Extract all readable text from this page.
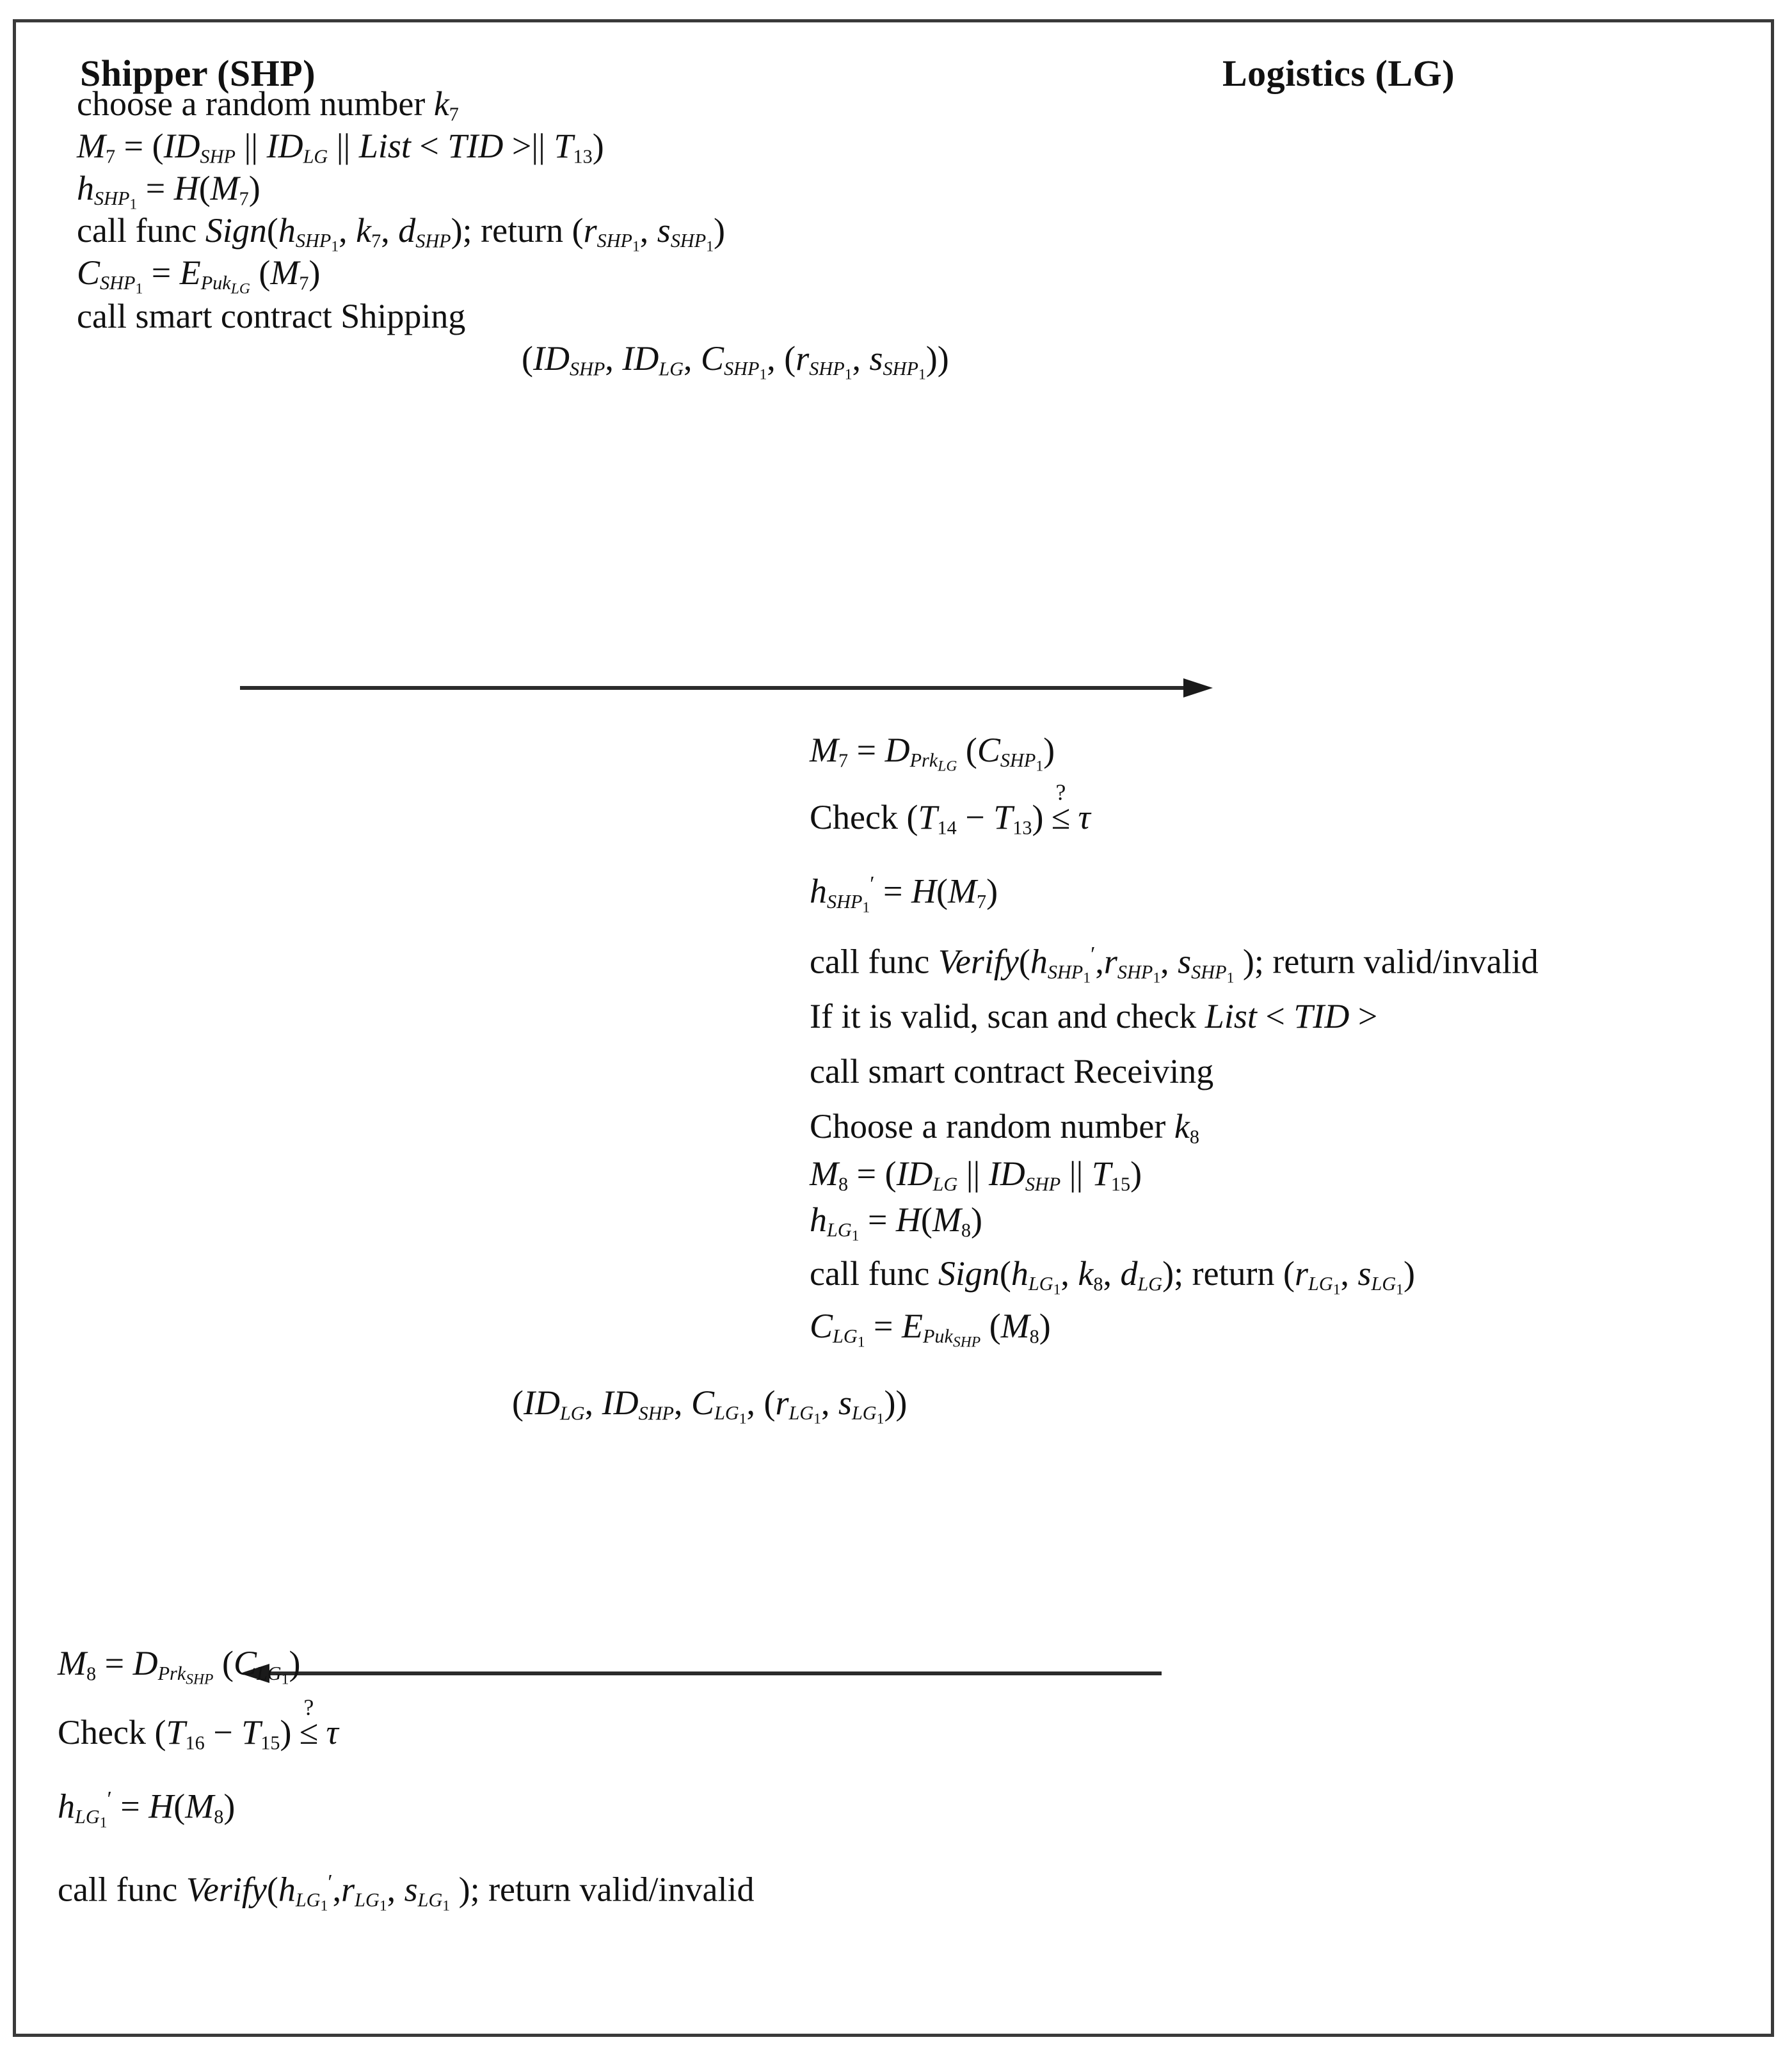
Shipper (SHP)	Logistics (LG)
choose a random number $k_7$
$M_7 = (ID_{SHP}$ || $ID_{LG}$ || List < TID >|| $T_{13}$)
$h_{SHP_1} = H(M_7)$
call func $Sign(h_{SHP_1}$, $k_7$, $d_{SHP}$); return ($r_{SHP_1}$, $s_{SHP_1}$)
$C_{SHP_1} = E_{Puk_{LG}}$ $(M_7)$
call smart contract Shipping
($ID_{SHP}$, $ID_{LG}$, $C_{SHP_1}$, ($r_{SHP_1}$, $s_{SHP_1}$))
$M_7 = D_{Prk_{LG}}$ $(C_{SHP_1})$
Check $(T_{14} - T_{13})$
?
≤ τ
$h_{SHP_1}' = H(M_7)$
call func $Verify(h_{SHP_1}',r_{SHP_1}$, $s_{SHP_1}$ ); return valid/invalid
If it is valid, scan and check List < TID >
call smart contract Receiving
Choose a random number $k_8$
$M_8 = (ID_{LG}$ || $ID_{SHP}$ || $T_{15}$)
$h_{LG_1} = H(M_8)$
call func $Sign(h_{LG_1}$, $k_8$, $d_{LG}$); return ($r_{LG_1}$, $s_{LG_1}$)
$C_{LG_1} = E_{Puk_{SHP}}$ $(M_8)$
($ID_{LG}$, $ID_{SHP}$, $C_{LG_1}$, ($r_{LG_1}$, $s_{LG_1}$))
$M_8 = D_{Prk_{SHP}}$ $(C_{LG_1})$
Check $(T_{16} - T_{15})$
?
≤ τ
$h_{LG_1}' = H(M_8)$
call func $Verify(h_{LG_1}',r_{LG_1}$, $s_{LG_1}$ ); return valid/invalid
